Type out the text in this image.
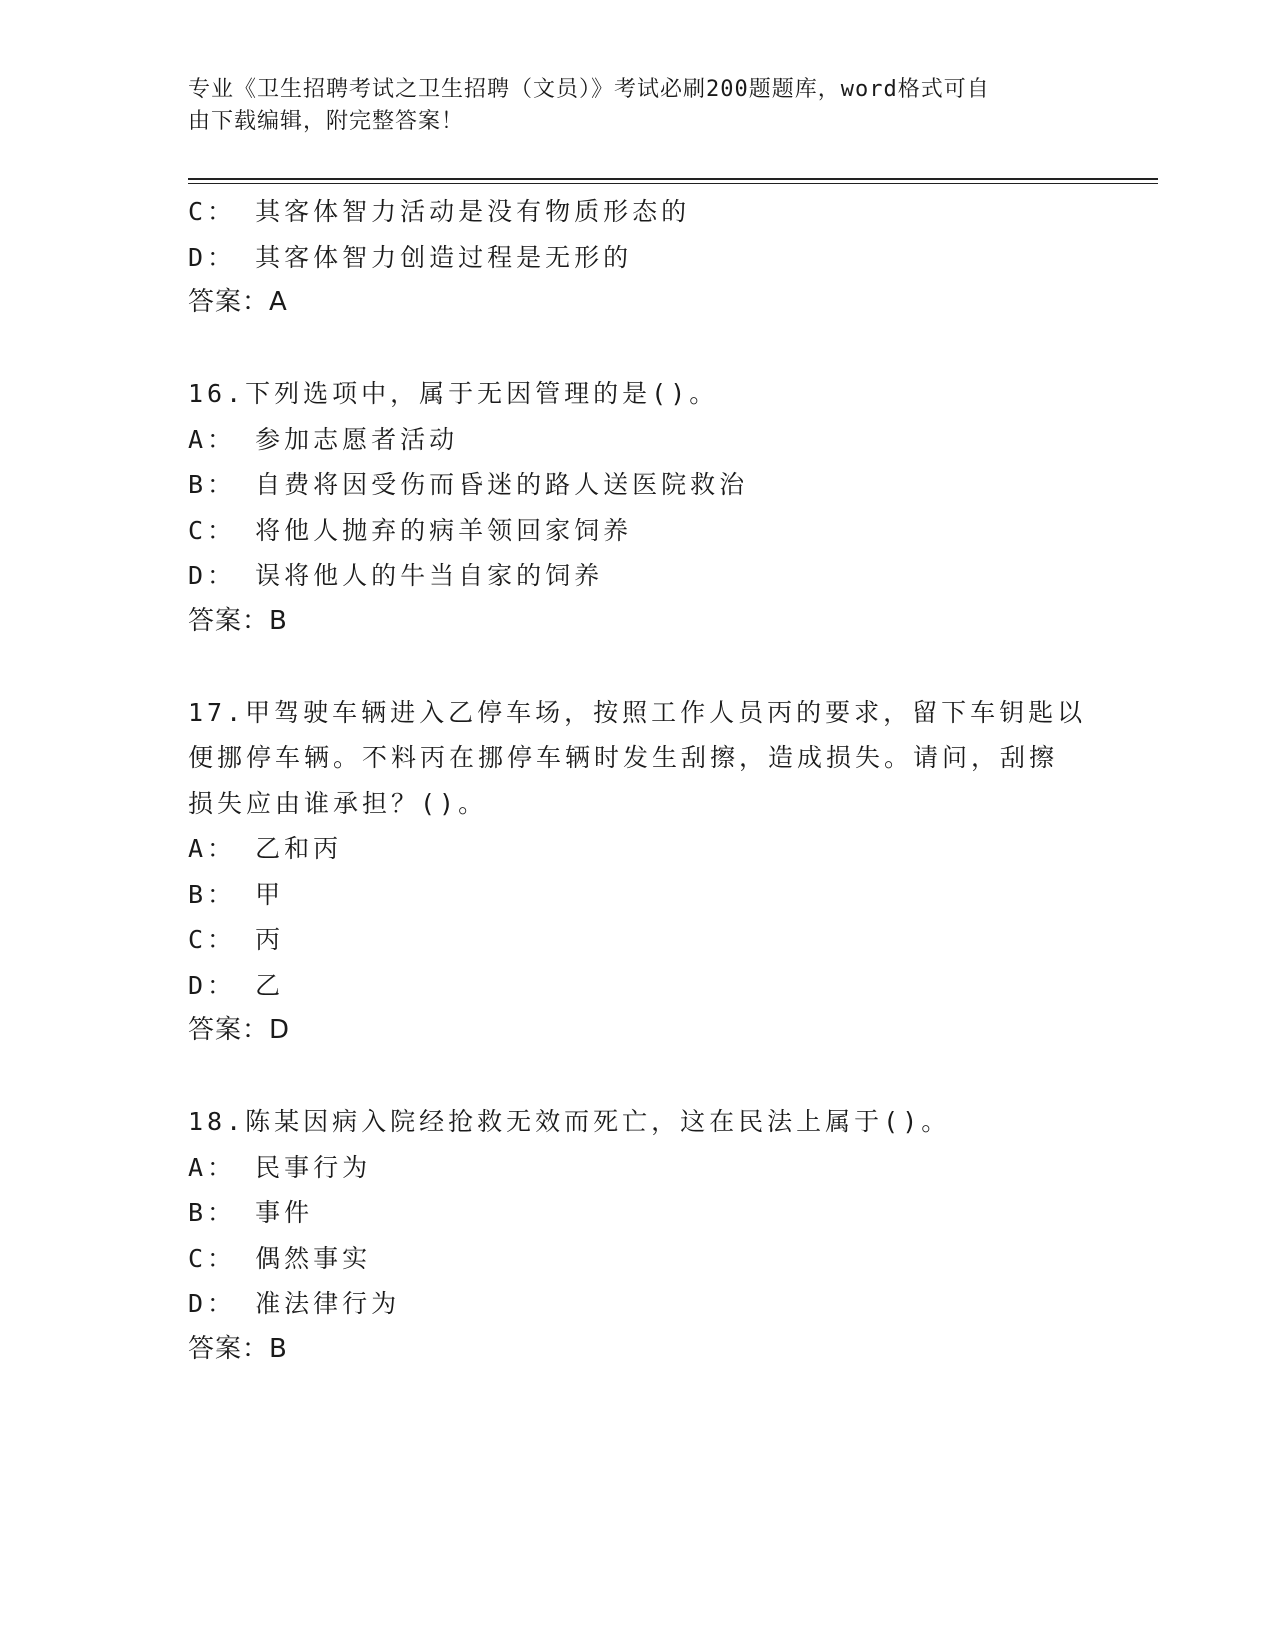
专业《卫生招聘考试之卫生招聘（文员）》考试必刷200题题库，word格式可自
由下载编辑，附完整答案！
C： 其客体智力活动是没有物质形态的
D： 其客体智力创造过程是无形的
答案：A
16.下列选项中，属于无因管理的是()。
A： 参加志愿者活动
B： 自费将因受伤而昏迷的路人送医院救治
C： 将他人抛弃的病羊领回家饲养
D： 误将他人的牛当自家的饲养
答案：B
17.甲驾驶车辆进入乙停车场，按照工作人员丙的要求，留下车钥匙以
便挪停车辆。不料丙在挪停车辆时发生刮擦，造成损失。请问，刮擦
损失应由谁承担？()。
A： 乙和丙
B： 甲
C： 丙
D： 乙
答案：D
18.陈某因病入院经抢救无效而死亡，这在民法上属于()。
A： 民事行为
B： 事件
C： 偶然事实
D： 准法律行为
答案：B
